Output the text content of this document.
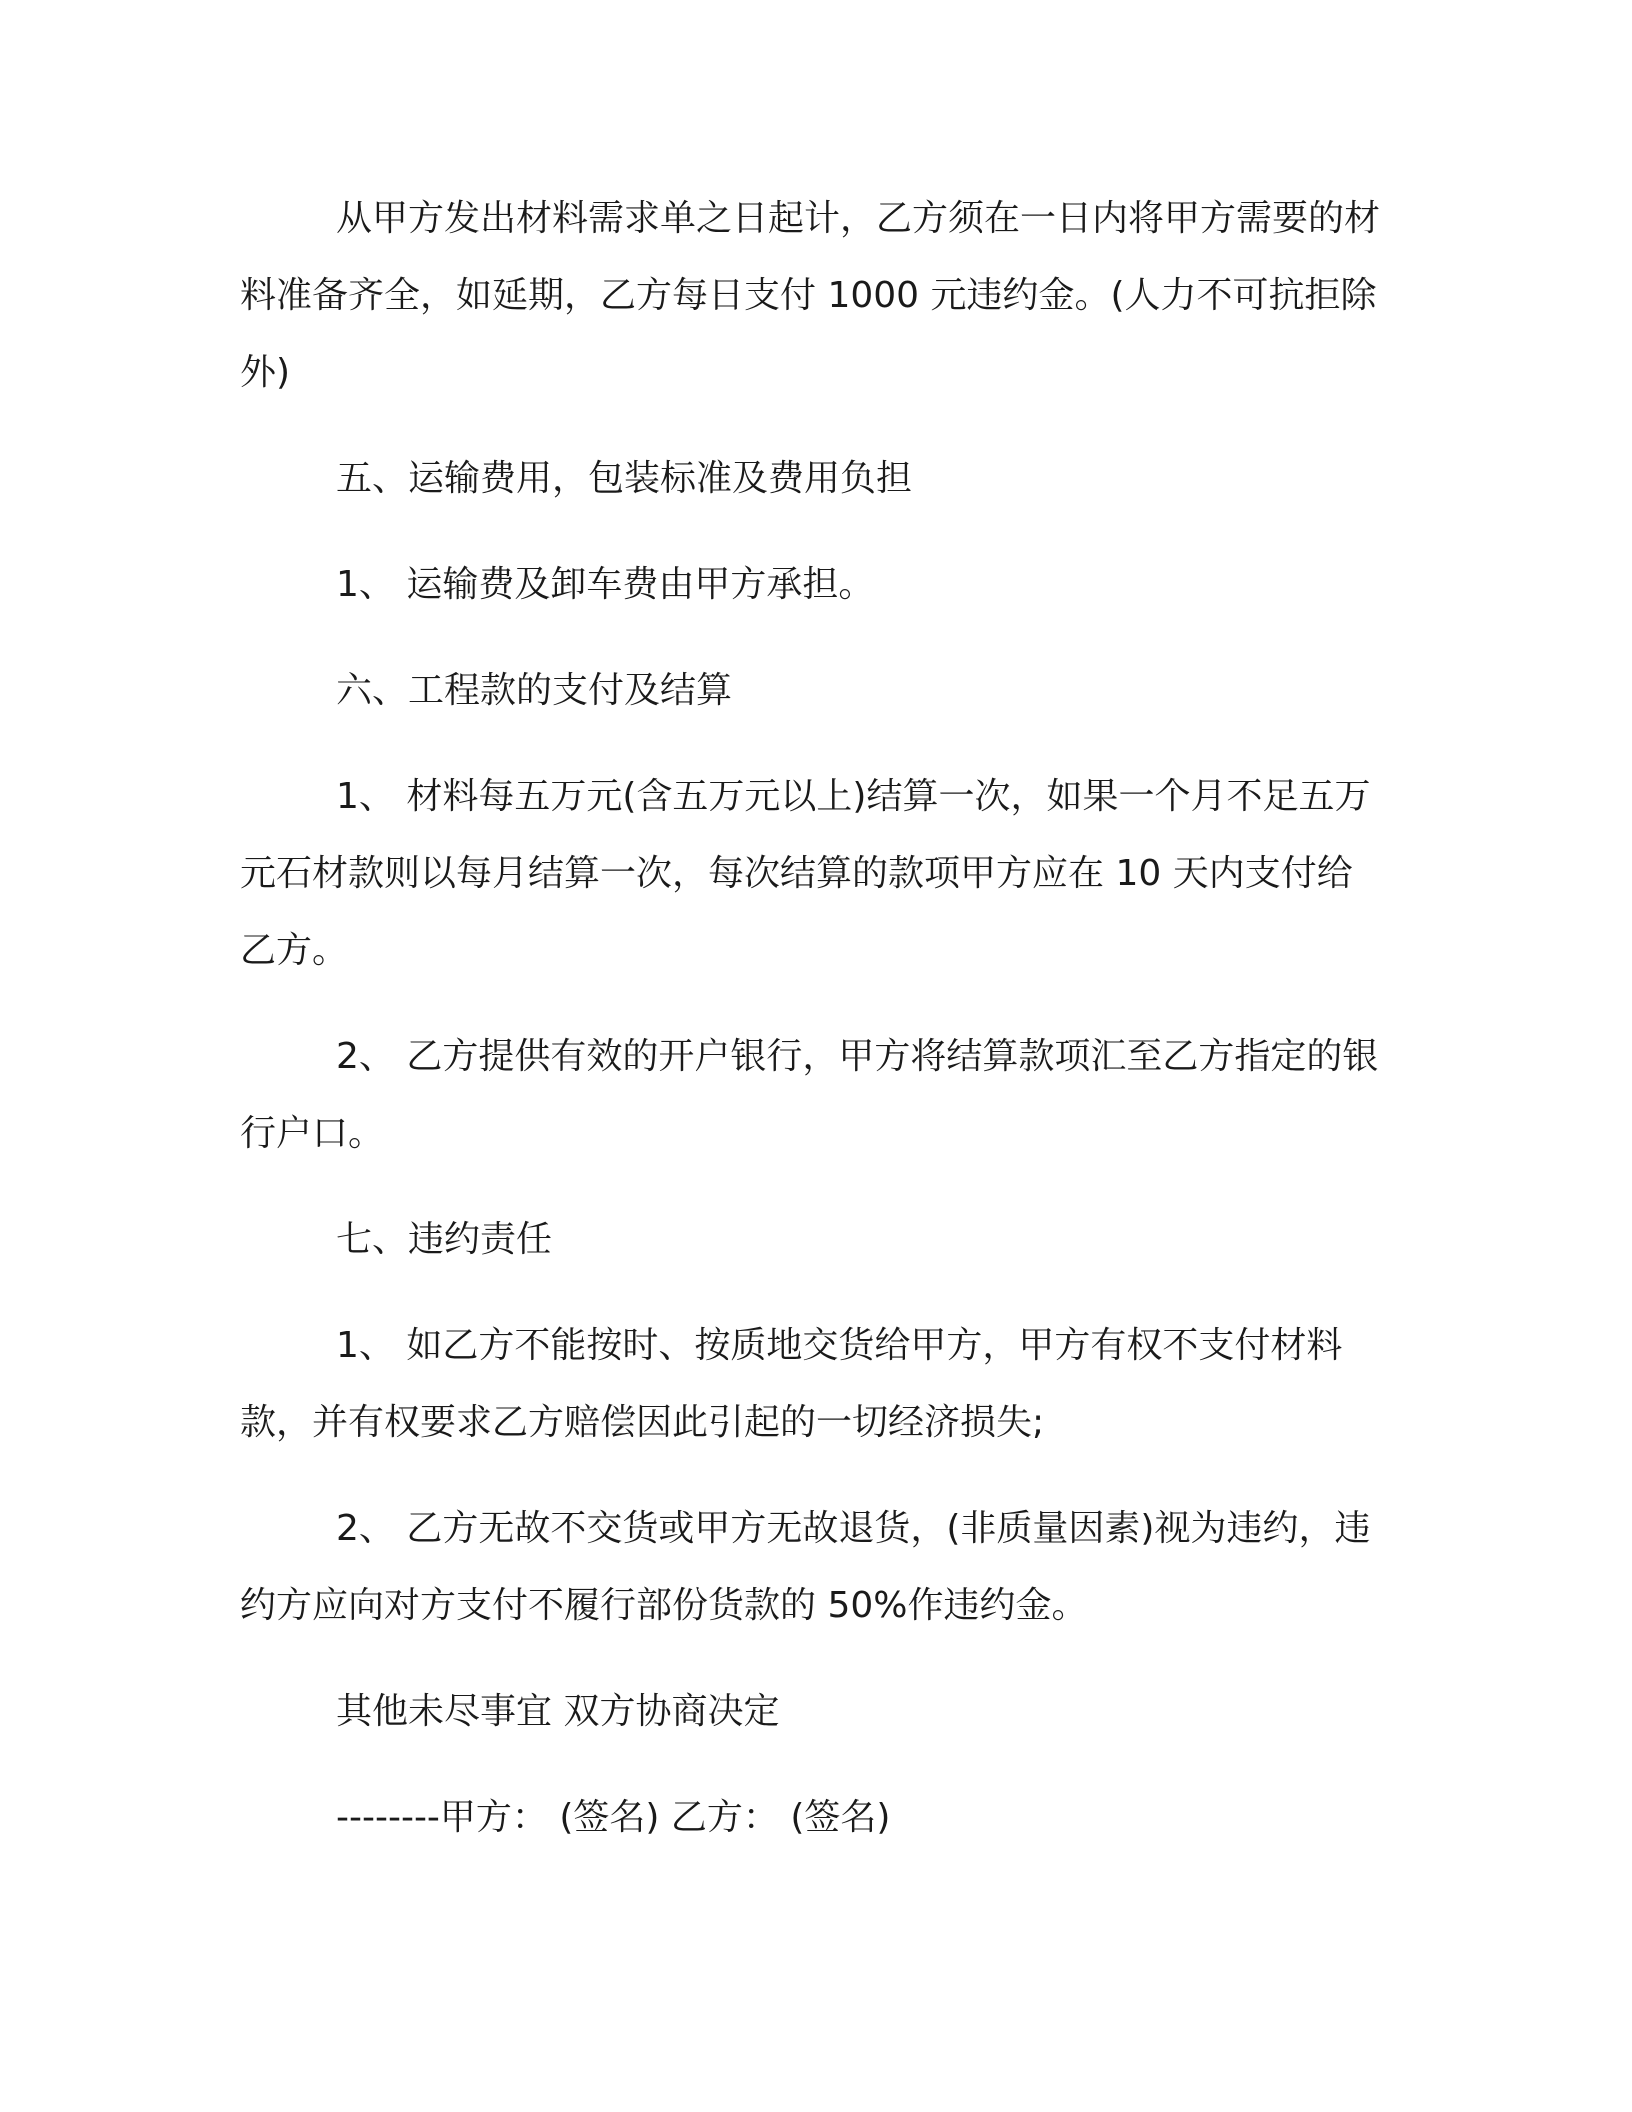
从甲方发出材料需求单之日起计，乙方须在一日内将甲方需要的材料准备齐全，如延期，乙方每日支付 1000 元违约金。(人力不可抗拒除外)

五、运输费用，包装标准及费用负担

1、 运输费及卸车费由甲方承担。

六、工程款的支付及结算

1、 材料每五万元(含五万元以上)结算一次，如果一个月不足五万元石材款则以每月结算一次，每次结算的款项甲方应在 10 天内支付给乙方。

2、 乙方提供有效的开户银行，甲方将结算款项汇至乙方指定的银行户口。

七、违约责任

1、 如乙方不能按时、按质地交货给甲方，甲方有权不支付材料款，并有权要求乙方赔偿因此引起的一切经济损失;

2、 乙方无故不交货或甲方无故退货，(非质量因素)视为违约，违约方应向对方支付不履行部份货款的 50%作违约金。

其他未尽事宜 双方协商决定

--------甲方： (签名) 乙方： (签名)
